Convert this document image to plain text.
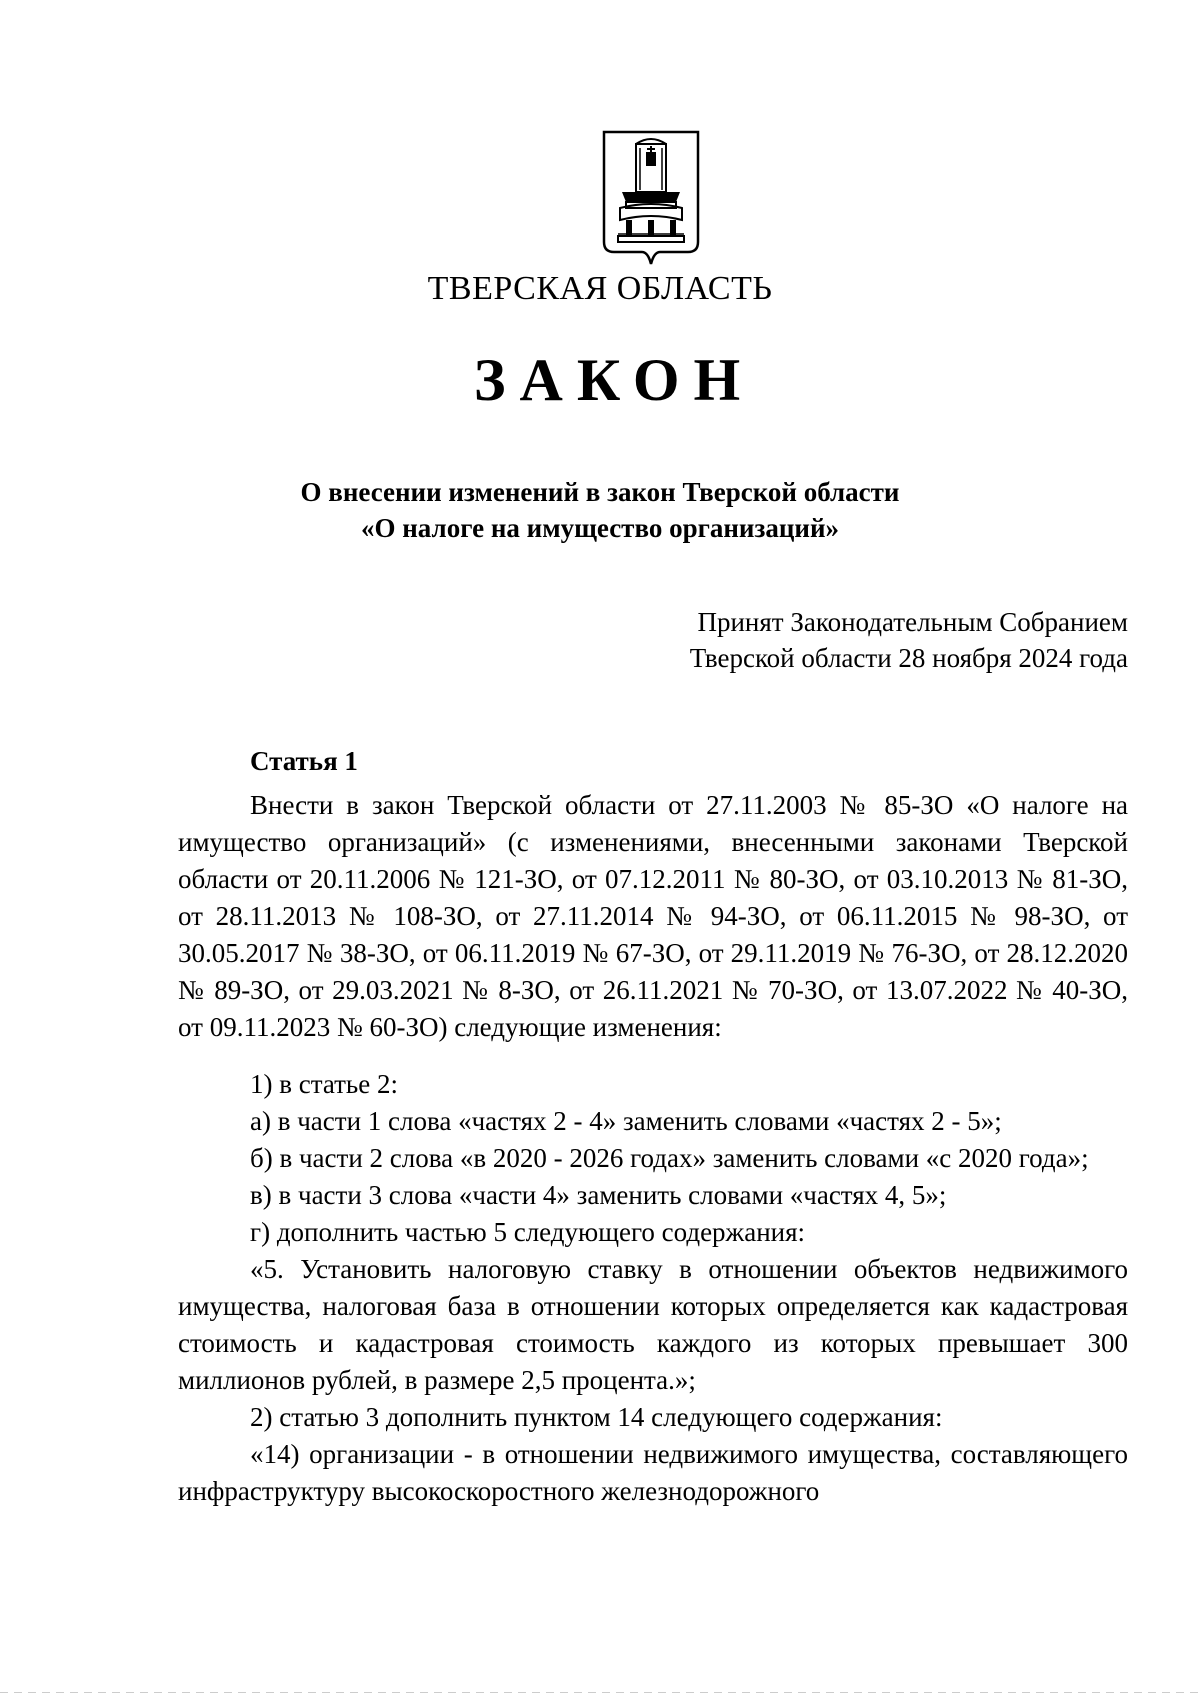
ТВЕРСКАЯ ОБЛАСТЬ
ЗАКОН
О внесении изменений в закон Тверской области
«О налоге на имущество организаций»
Принят Законодательным Собранием
Тверской области 28 ноября 2024 года
Статья 1

Внести в закон Тверской области от 27.11.2003 № 85-ЗО «О налоге на имущество организаций» (с изменениями, внесенными законами Тверской области от 20.11.2006 № 121-ЗО, от 07.12.2011 № 80-ЗО, от 03.10.2013 № 81-ЗО, от 28.11.2013 № 108-ЗО, от 27.11.2014 № 94-ЗО, от 06.11.2015 № 98-ЗО, от 30.05.2017 № 38-ЗО, от 06.11.2019 № 67-ЗО, от 29.11.2019 № 76-ЗО, от 28.12.2020 № 89-ЗО, от 29.03.2021 № 8-ЗО, от 26.11.2021 № 70-ЗО, от 13.07.2022 № 40-ЗО, от 09.11.2023 № 60-ЗО) следующие изменения:

1) в статье 2:

а) в части 1 слова «частях 2 - 4» заменить словами «частях 2 - 5»;

б) в части 2 слова «в 2020 - 2026 годах» заменить словами «с 2020 года»;

в) в части 3 слова «части 4» заменить словами «частях 4, 5»;

г) дополнить частью 5 следующего содержания:

«5. Установить налоговую ставку в отношении объектов недвижимого имущества, налоговая база в отношении которых определяется как кадастровая стоимость и кадастровая стоимость каждого из которых превышает 300 миллионов рублей, в размере 2,5 процента.»;

2) статью 3 дополнить пунктом 14 следующего содержания:

«14) организации - в отношении недвижимого имущества, составляющего инфраструктуру высокоскоростного железнодорожного
